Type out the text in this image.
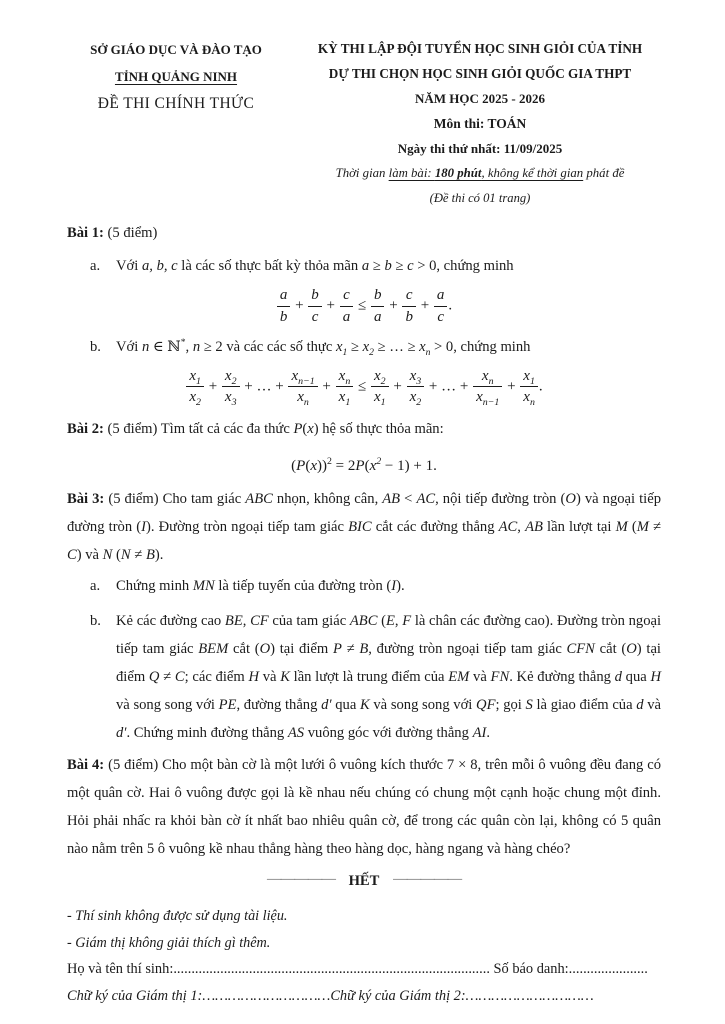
SỞ GIÁO DỤC VÀ ĐÀO TẠO
TỈNH QUẢNG NINH
ĐỀ THI CHÍNH THỨC
KỲ THI LẬP ĐỘI TUYỂN HỌC SINH GIỎI CỦA TỈNH
DỰ THI CHỌN HỌC SINH GIỎI QUỐC GIA THPT
NĂM HỌC 2025 - 2026
Môn thi: TOÁN
Ngày thi thứ nhất: 11/09/2025
Thời gian làm bài: 180 phút, không kể thời gian phát đề
(Đề thi có 01 trang)
Bài 1: (5 điểm)
a.	Với a, b, c là các số thực bất kỳ thỏa mãn a ≥ b ≥ c > 0, chứng minh
$\frac{a}{b} + \frac{b}{c} + \frac{c}{a} \le \frac{b}{a} + \frac{c}{b} + \frac{a}{c}$ .
b.	Với n ∈ ℕ*, n ≥ 2 và các các số thực $x_1 \ge x_2$ ≥ … ≥ $x_n > 0$, chứng minh
$\frac{x_1}{x_2} + \frac{x_2}{x_3}$ + … + $\frac{x_{n-1}}{x_n} + \frac{x_n}{x_1} \le \frac{x_2}{x_1} + \frac{x_3}{x_2}$ + … + $\frac{x_n}{x_{n-1}} + \frac{x_1}{x_n}$ .
Bài 2: (5 điểm) Tìm tất cả các đa thức P(x) hệ số thực thỏa mãn:
$(P(x))^2 = 2P(x^2 - 1) + 1$.
Bài 3: (5 điểm) Cho tam giác ABC nhọn, không cân, AB < AC, nội tiếp đường tròn (O) và ngoại tiếp đường tròn (I). Đường tròn ngoại tiếp tam giác BIC cắt các đường thẳng AC, AB lần lượt tại M (M ≠ C) và N (N ≠ B).
a.	Chứng minh MN là tiếp tuyến của đường tròn (I).
b.	Kẻ các đường cao BE, CF của tam giác ABC (E, F là chân các đường cao). Đường tròn ngoại tiếp tam giác BEM cắt (O) tại điểm P ≠ B, đường tròn ngoại tiếp tam giác CFN cắt (O) tại điểm Q ≠ C; các điểm H và K lần lượt là trung điểm của EM và FN. Kẻ đường thẳng d qua H và song song với PE, đường thẳng d′ qua K và song song với QF; gọi S là giao điểm của d và d′. Chứng minh đường thẳng AS vuông góc với đường thẳng AI.
Bài 4: (5 điểm) Cho một bàn cờ là một lưới ô vuông kích thước 7 × 8, trên mỗi ô vuông đều đang có một quân cờ. Hai ô vuông được gọi là kề nhau nếu chúng có chung một cạnh hoặc chung một đỉnh. Hỏi phải nhấc ra khỏi bàn cờ ít nhất bao nhiêu quân cờ, để trong các quân còn lại, không có 5 quân nào nằm trên 5 ô vuông kề nhau thẳng hàng theo hàng dọc, hàng ngang và hàng chéo?
————— HẾT —————
- Thí sinh không được sử dụng tài liệu.
- Giám thị không giải thích gì thêm.
Họ và tên thí sinh:........................................................................................ Số báo danh:......................
Chữ ký của Giám thị 1:…………………………Chữ ký của Giám thị 2:…………………………
